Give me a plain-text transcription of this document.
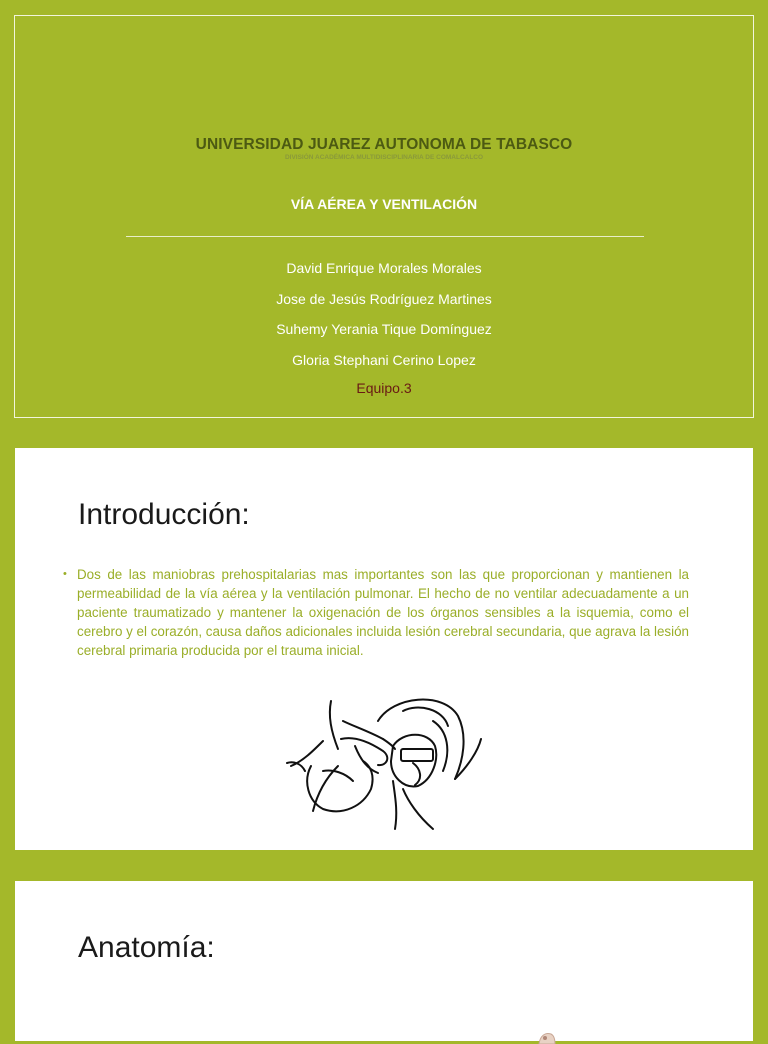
UNIVERSIDAD JUAREZ AUTONOMA DE TABASCO
DIVISIÓN ACADÉMICA MULTIDISCIPLINARIA DE COMALCALCO
VÍA AÉREA Y VENTILACIÓN
David Enrique Morales Morales
Jose de Jesús Rodríguez Martines
Suhemy Yerania Tique Domínguez
Gloria Stephani Cerino Lopez
Equipo.3
Introducción:

• Dos de las maniobras prehospitalarias mas importantes son las que proporcionan y mantienen la permeabilidad de la vía aérea y la ventilación pulmonar. El hecho de no ventilar adecuadamente a un paciente traumatizado y mantener la oxigenación de los órganos sensibles a la isquemia, como el cerebro y el corazón, causa daños adicionales incluida lesión cerebral secundaria, que agrava la lesión cerebral primaria producida por el trauma inicial.

Anatomía:
